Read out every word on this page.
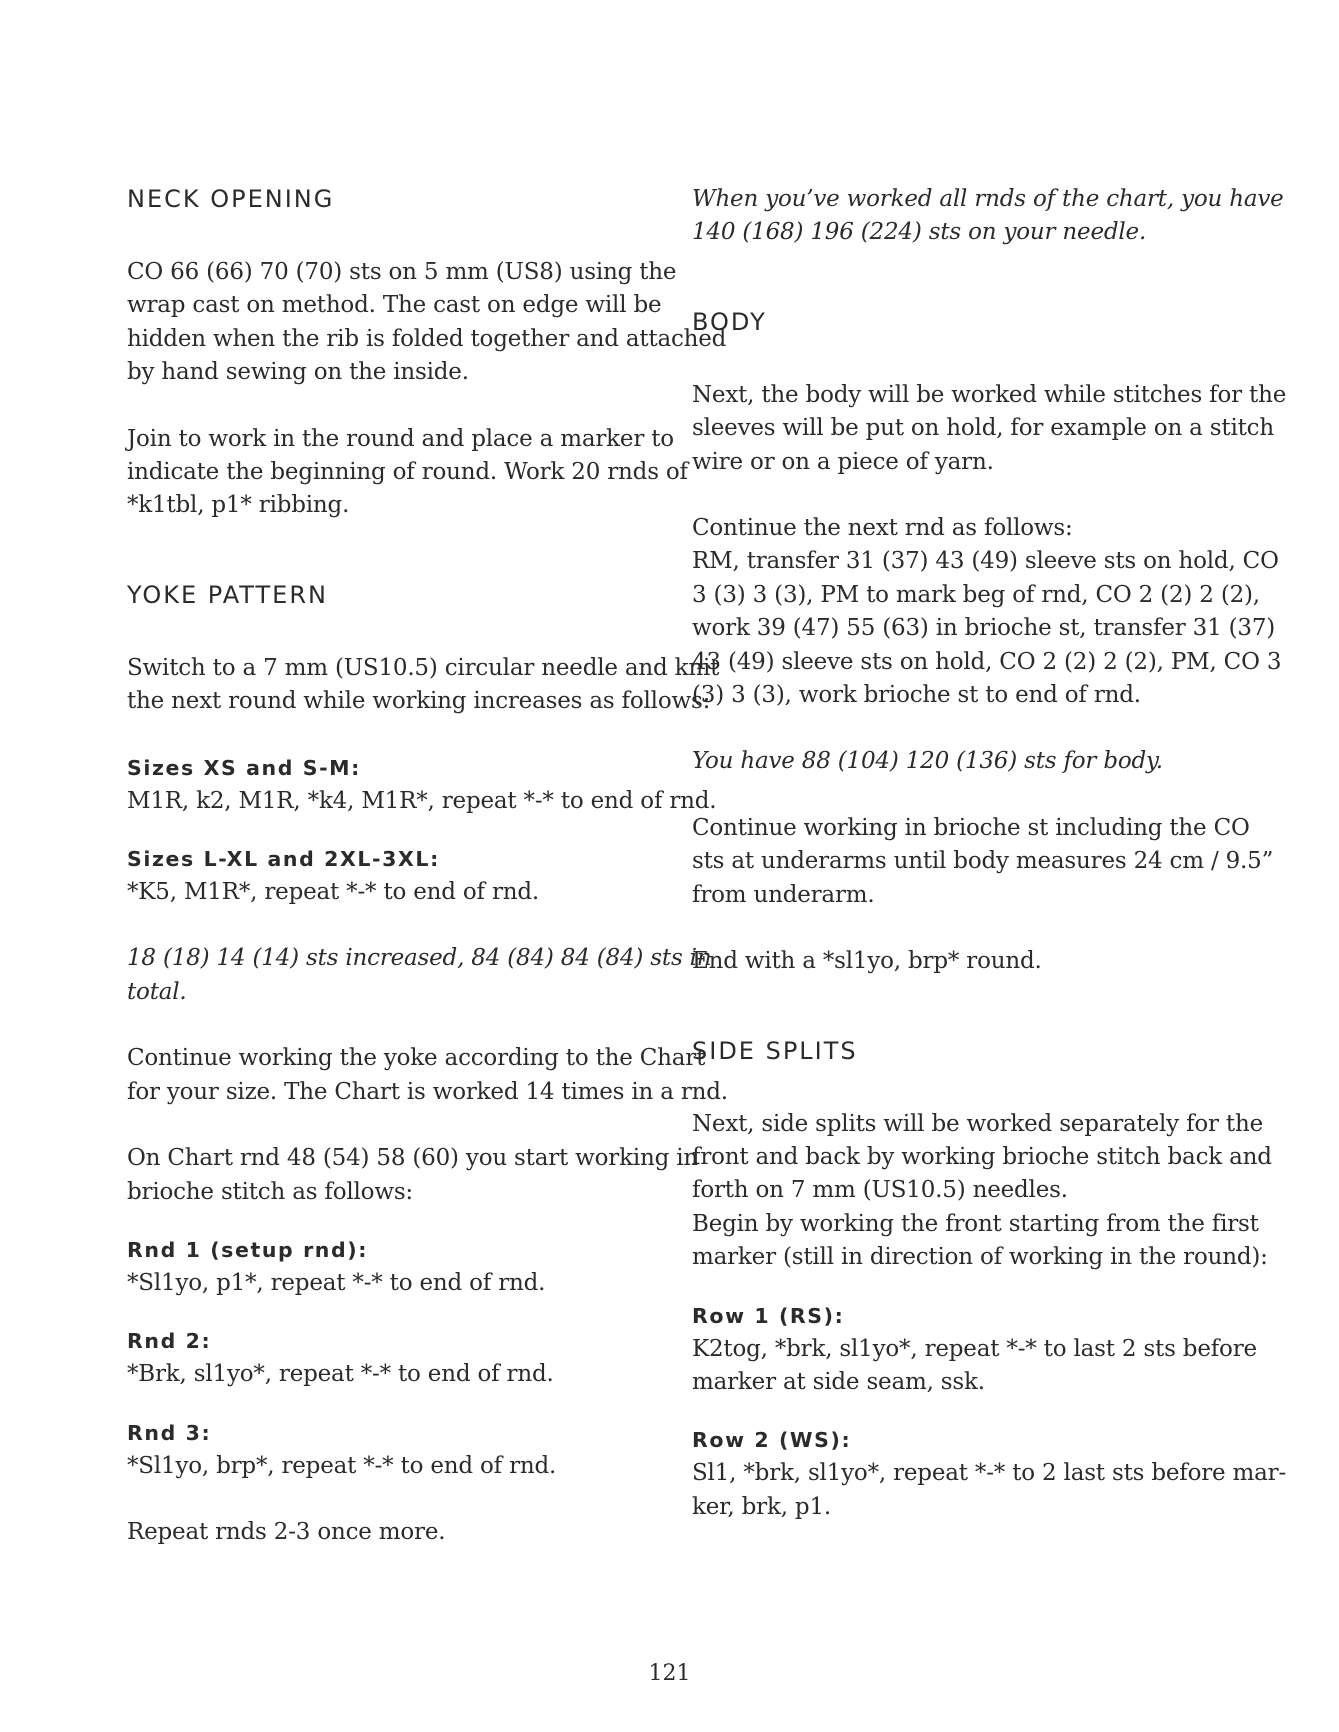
NECK OPENING

CO 66 (66) 70 (70) sts on 5 mm (US8) using the
wrap cast on method. The cast on edge will be
hidden when the rib is folded together and attached
by hand sewing on the inside.

Join to work in the round and place a marker to
indicate the beginning of round. Work 20 rnds of
*k1tbl, p1* ribbing.

YOKE PATTERN

Switch to a 7 mm (US10.5) circular needle and knit
the next round while working increases as follows:

Sizes XS and S-M:
M1R, k2, M1R, *k4, M1R*, repeat *-* to end of rnd.
Sizes L-XL and 2XL-3XL:
*K5, M1R*, repeat *-* to end of rnd.

18 (18) 14 (14) sts increased, 84 (84) 84 (84) sts in
total.

Continue working the yoke according to the Chart
for your size. The Chart is worked 14 times in a rnd.

On Chart rnd 48 (54) 58 (60) you start working in
brioche stitch as follows:

Rnd 1 (setup rnd):
*Sl1yo, p1*, repeat *-* to end of rnd.
Rnd 2:
*Brk, sl1yo*, repeat *-* to end of rnd.
Rnd 3:
*Sl1yo, brp*, repeat *-* to end of rnd.

Repeat rnds 2-3 once more.

When you’ve worked all rnds of the chart, you have
140 (168) 196 (224) sts on your needle.

BODY

Next, the body will be worked while stitches for the
sleeves will be put on hold, for example on a stitch
wire or on a piece of yarn.

Continue the next rnd as follows:
RM, transfer 31 (37) 43 (49) sleeve sts on hold, CO
3 (3) 3 (3), PM to mark beg of rnd, CO 2 (2) 2 (2),
work 39 (47) 55 (63) in brioche st, transfer 31 (37)
43 (49) sleeve sts on hold, CO 2 (2) 2 (2), PM, CO 3
(3) 3 (3), work brioche st to end of rnd.

You have 88 (104) 120 (136) sts for body.

Continue working in brioche st including the CO
sts at underarms until body measures 24 cm / 9.5”
from underarm.

End with a *sl1yo, brp* round.

SIDE SPLITS

Next, side splits will be worked separately for the
front and back by working brioche stitch back and
forth on 7 mm (US10.5) needles.
Begin by working the front starting from the first
marker (still in direction of working in the round):

Row 1 (RS):
K2tog, *brk, sl1yo*, repeat *-* to last 2 sts before
marker at side seam, ssk.
Row 2 (WS):
Sl1, *brk, sl1yo*, repeat *-* to 2 last sts before mar-
ker, brk, p1.
121
